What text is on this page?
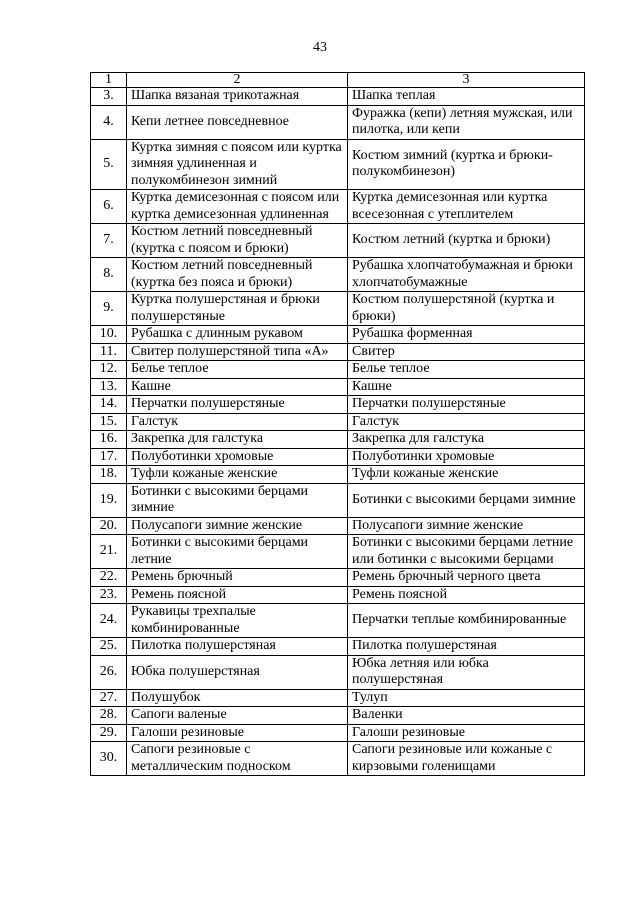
43
1	2	3
3.	Шапка вязаная трикотажная	Шапка теплая
4.	Кепи летнее повседневное	Фуражка (кепи) летняя мужская, или пилотка, или кепи
5.	Куртка зимняя с поясом или куртка зимняя удлиненная и полукомбинезон зимний	Костюм зимний (куртка и брюки-полукомбинезон)
6.	Куртка демисезонная с поясом или куртка демисезонная удлиненная	Куртка демисезонная или куртка всесезонная с утеплителем
7.	Костюм летний повседневный (куртка с поясом и брюки)	Костюм летний (куртка и брюки)
8.	Костюм летний повседневный (куртка без пояса и брюки)	Рубашка хлопчатобумажная и брюки хлопчатобумажные
9.	Куртка полушерстяная и брюки полушерстяные	Костюм полушерстяной (куртка и брюки)
10.	Рубашка с длинным рукавом	Рубашка форменная
11.	Свитер полушерстяной типа «А»	Свитер
12.	Белье теплое	Белье теплое
13.	Кашне	Кашне
14.	Перчатки полушерстяные	Перчатки полушерстяные
15.	Галстук	Галстук
16.	Закрепка для галстука	Закрепка для галстука
17.	Полуботинки хромовые	Полуботинки хромовые
18.	Туфли кожаные женские	Туфли кожаные женские
19.	Ботинки с высокими берцами зимние	Ботинки с высокими берцами зимние
20.	Полусапоги зимние женские	Полусапоги зимние женские
21.	Ботинки с высокими берцами летние	Ботинки с высокими берцами летние или ботинки с высокими берцами
22.	Ремень брючный	Ремень брючный черного цвета
23.	Ремень поясной	Ремень поясной
24.	Рукавицы трехпалые комбинированные	Перчатки теплые комбинированные
25.	Пилотка полушерстяная	Пилотка полушерстяная
26.	Юбка полушерстяная	Юбка летняя или юбка полушерстяная
27.	Полушубок	Тулуп
28.	Сапоги валеные	Валенки
29.	Галоши резиновые	Галоши резиновые
30.	Сапоги резиновые с металлическим подноском	Сапоги резиновые или кожаные с кирзовыми голенищами
